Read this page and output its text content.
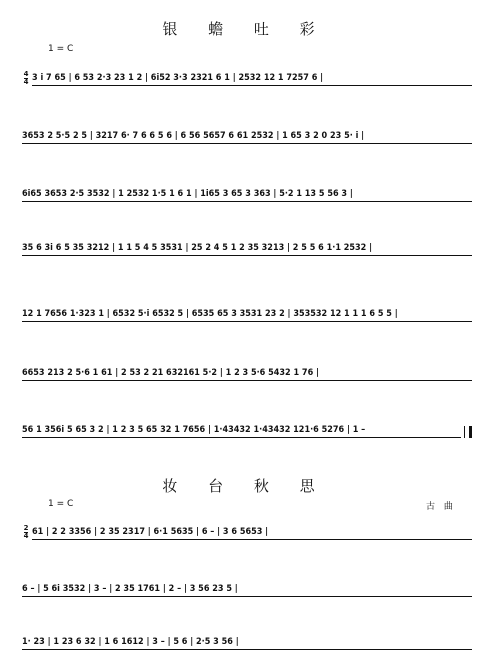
银 蟾 吐 彩
1 = C
4
4 3 i 7 65 | 6 53 2·3 23 1 2 | 6i52 3·3 2321 6 1 | 2532 12 1 7257 6 |
3653 2 5·5 2 5 | 3217 6· 7 6 6 5 6 | 6 56 5657 6 61 2532 | 1 65 3 2 0 23 5· i |
6i65 3653 2·5 3532 | 1 2532 1·5 1 6 1 | 1i65 3 65 3 363 | 5·2 1 13 5 56 3 |
35 6 3i 6 5 35 3212 | 1 1 5 4 5 3531 | 25 2 4 5 1 2 35 3213 | 2 5 5 6 1·1 2532 |
12 1 7656 1·323 1 | 6532 5·i 6532 5 | 6535 65 3 3531 23 2 | 353532 12 1 1 1 6 5 5 |
6653 213 2 5·6 1 61 | 2 53 2 21 632161 5·2 | 1 2 3 5·6 5432 1 76 |
56 1 356i 5 65 3 2 | 1 2 3 5 65 32 1 7656 | 1·43432 1·43432 121·6 5276 | 1 –
妆 台 秋 思
1 = C	古 曲
2
4 61 | 2 2 3356 | 2 35 2317 | 6·1 5635 | 6 – | 3 6 5653 |
6 – | 5 6i 3532 | 3 – | 2 35 1761 | 2 – | 3 56 23 5 |
1· 23 | 1 23 6 32 | 1 6 1612 | 3 – | 5 6 | 2·5 3 56 |
